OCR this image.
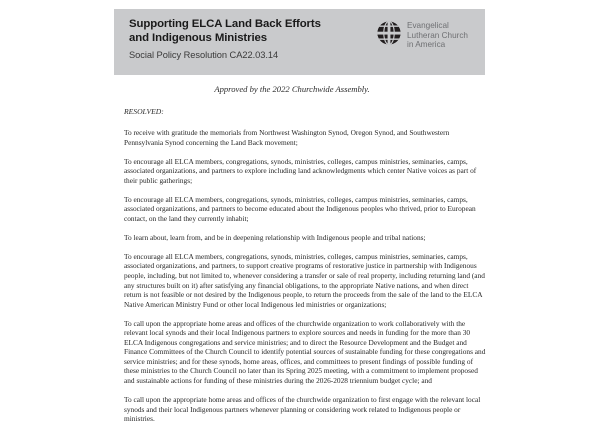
Supporting ELCA Land Back Efforts
and Indigenous Ministries
Social Policy Resolution CA22.03.14
Evangelical
Lutheran Church
in America

Approved by the 2022 Churchwide Assembly.

RESOLVED:

To receive with gratitude the memorials from Northwest Washington Synod, Oregon Synod, and Southwestern Pennsylvania Synod concerning the Land Back movement;

To encourage all ELCA members, congregations, synods, ministries, colleges, campus ministries, seminaries, camps, associated organizations, and partners to explore including land acknowledgments which center Native voices as part of their public gatherings;

To encourage all ELCA members, congregations, synods, ministries, colleges, campus ministries, seminaries, camps, associated organizations, and partners to become educated about the Indigenous peoples who thrived, prior to European contact, on the land they currently inhabit;

To learn about, learn from, and be in deepening relationship with Indigenous people and tribal nations;

To encourage all ELCA members, congregations, synods, ministries, colleges, campus ministries, seminaries, camps, associated organizations, and partners, to support creative programs of restorative justice in partnership with Indigenous people, including, but not limited to, whenever considering a transfer or sale of real property, including returning land (and any structures built on it) after satisfying any financial obligations, to the appropriate Native nations, and when direct return is not feasible or not desired by the Indigenous people, to return the proceeds from the sale of the land to the ELCA Native American Ministry Fund or other local Indigenous led ministries or organizations;

To call upon the appropriate home areas and offices of the churchwide organization to work collaboratively with the relevant local synods and their local Indigenous partners to explore sources and needs in funding for the more than 30 ELCA Indigenous congregations and service ministries; and to direct the Resource Development and the Budget and Finance Committees of the Church Council to identify potential sources of sustainable funding for these congregations and service ministries; and for these synods, home areas, offices, and committees to present findings of possible funding of these ministries to the Church Council no later than its Spring 2025 meeting, with a commitment to implement proposed and sustainable actions for funding of these ministries during the 2026-2028 triennium budget cycle; and

To call upon the appropriate home areas and offices of the churchwide organization to first engage with the relevant local synods and their local Indigenous partners whenever planning or considering work related to Indigenous people or ministries.
